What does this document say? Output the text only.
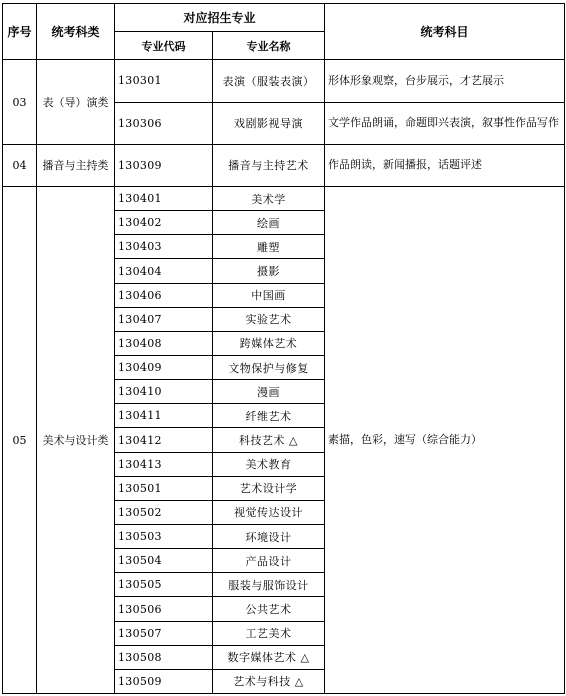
序号	统考科类	对应招生专业		统考科目
		专业代码	专业名称	
03	表（导）演类	130301	表演（服装表演）	形体形象观察，台步展示，才艺展示
		130306	戏剧影视导演	文学作品朗诵，命题即兴表演，叙事性作品写作
04	播音与主持类	130309	播音与主持艺术	作品朗读，新闻播报，话题评述
05	美术与设计类	130401	美术学	素描，色彩，速写（综合能力）
		130402	绘画	
		130403	雕塑	
		130404	摄影	
		130406	中国画	
		130407	实验艺术	
		130408	跨媒体艺术	
		130409	文物保护与修复	
		130410	漫画	
		130411	纤维艺术	
		130412	科技艺术 △	
		130413	美术教育	
		130501	艺术设计学	
		130502	视觉传达设计	
		130503	环境设计	
		130504	产品设计	
		130505	服装与服饰设计	
		130506	公共艺术	
		130507	工艺美术	
		130508	数字媒体艺术 △	
		130509	艺术与科技 △	
